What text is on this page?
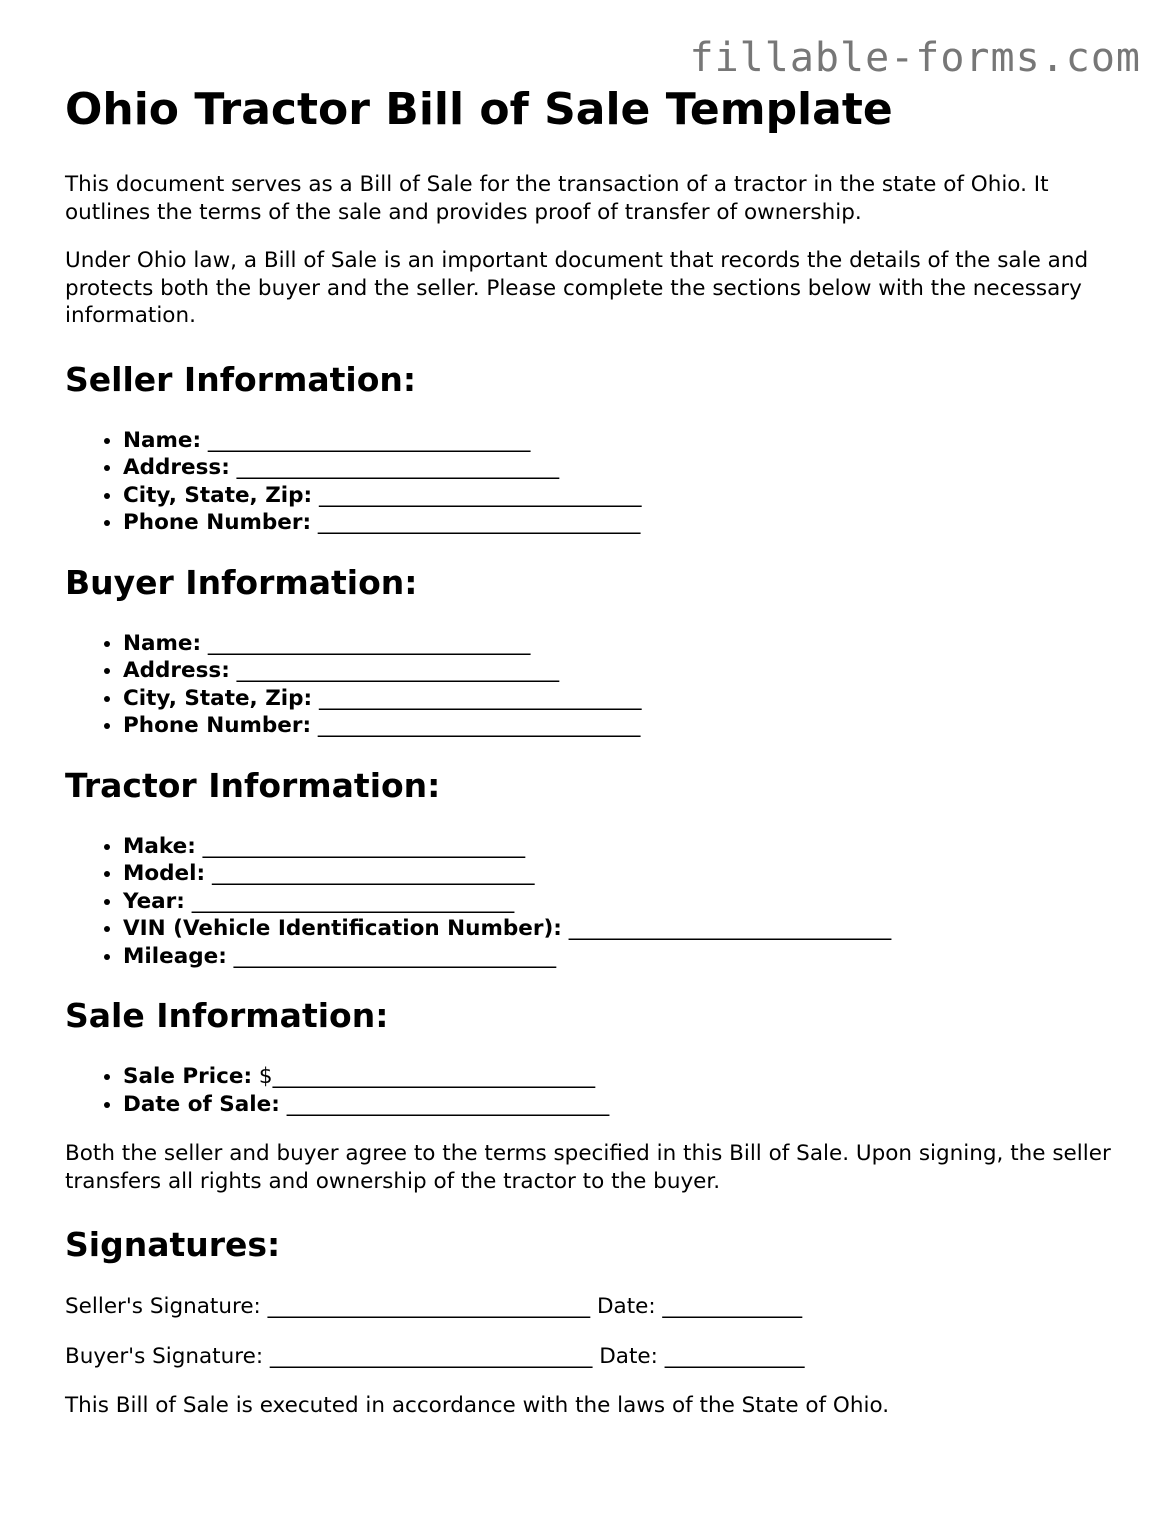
fillable-forms.com
Ohio Tractor Bill of Sale Template

This document serves as a Bill of Sale for the transaction of a tractor in the state of Ohio. It outlines the terms of the sale and provides proof of transfer of ownership.

Under Ohio law, a Bill of Sale is an important document that records the details of the sale and protects both the buyer and the seller. Please complete the sections below with the necessary information.

Seller Information:
• Name: ______________________________
• Address: ______________________________
• City, State, Zip: ______________________________
• Phone Number: ______________________________
Buyer Information:
• Name: ______________________________
• Address: ______________________________
• City, State, Zip: ______________________________
• Phone Number: ______________________________
Tractor Information:
• Make: ______________________________
• Model: ______________________________
• Year: ______________________________
• VIN (Vehicle Identification Number): ______________________________
• Mileage: ______________________________
Sale Information:
• Sale Price: $______________________________
• Date of Sale: ______________________________

Both the seller and buyer agree to the terms specified in this Bill of Sale. Upon signing, the seller transfers all rights and ownership of the tractor to the buyer.

Signatures:

Seller's Signature: ______________________________ Date: _____________

Buyer's Signature: ______________________________ Date: _____________

This Bill of Sale is executed in accordance with the laws of the State of Ohio.
